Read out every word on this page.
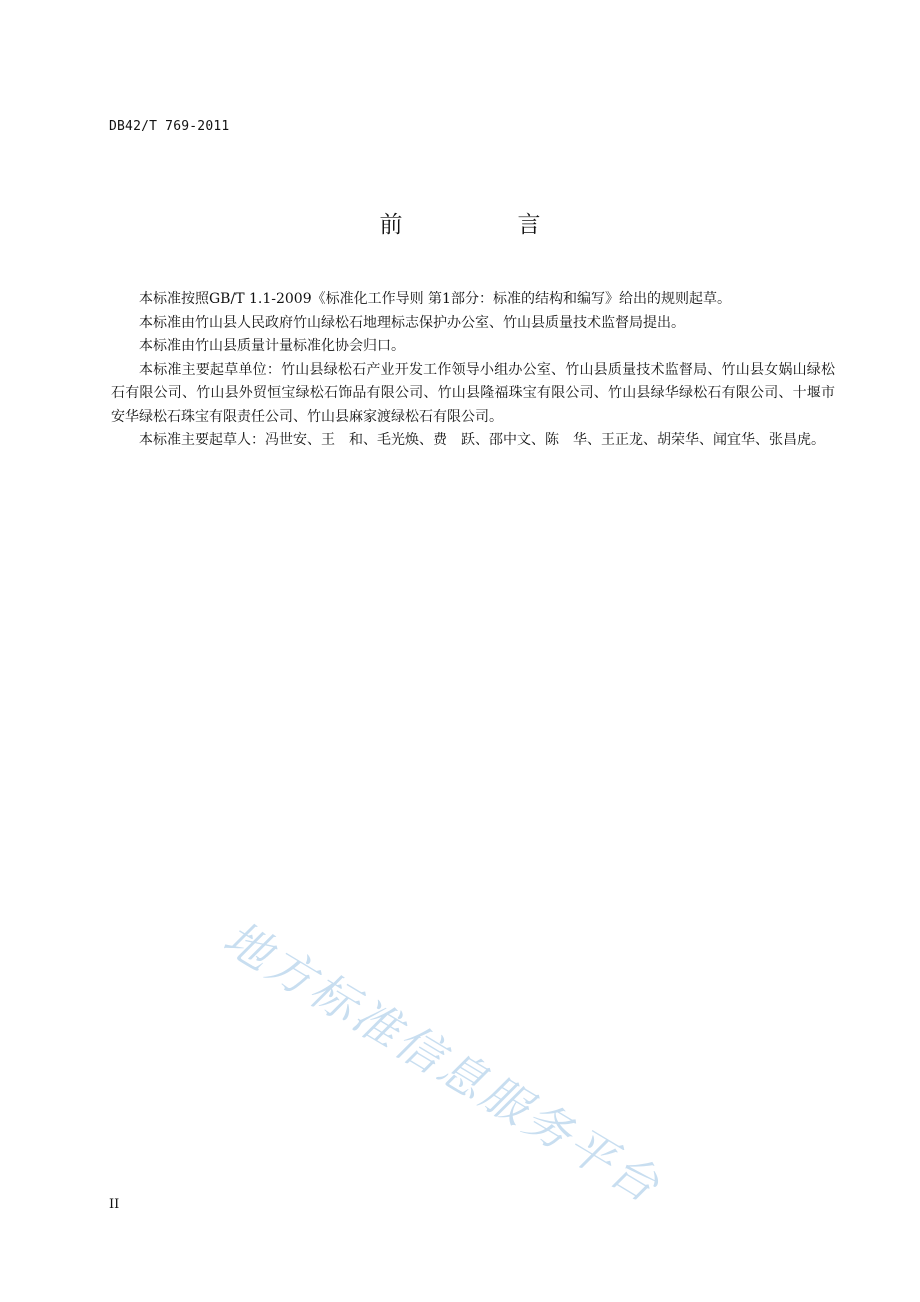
DB42/T 769-2011
前　言

本标准按照GB/T 1.1-2009《标准化工作导则 第1部分：标准的结构和编写》给出的规则起草。

本标准由竹山县人民政府竹山绿松石地理标志保护办公室、竹山县质量技术监督局提出。

本标准由竹山县质量计量标准化协会归口。

本标准主要起草单位：竹山县绿松石产业开发工作领导小组办公室、竹山县质量技术监督局、竹山县女娲山绿松石有限公司、竹山县外贸恒宝绿松石饰品有限公司、竹山县隆福珠宝有限公司、竹山县绿华绿松石有限公司、十堰市安华绿松石珠宝有限责任公司、竹山县麻家渡绿松石有限公司。

本标准主要起草人：冯世安、王　和、毛光焕、费　跃、邵中文、陈　华、王正龙、胡荣华、闻宜华、张昌虎。

地方标准信息服务平台
II
